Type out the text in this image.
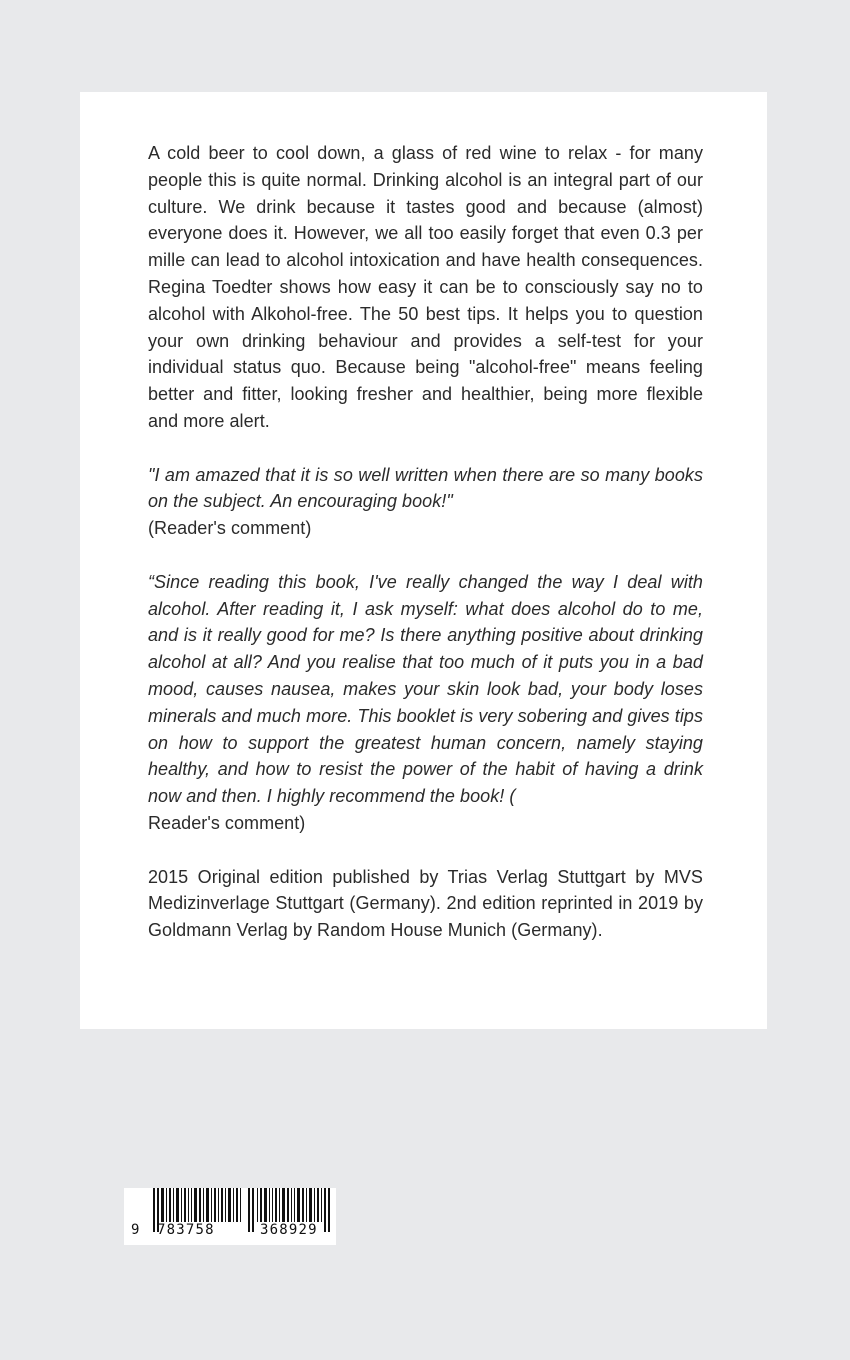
A cold beer to cool down, a glass of red wine to relax - for many people this is quite normal. Drinking alcohol is an integral part of our culture. We drink because it tastes good and because (almost) everyone does it. However, we all too easily forget that even 0.3 per mille can lead to alcohol intoxication and have health consequences. Regina Toedter shows how easy it can be to consciously say no to alcohol with Alkohol-free. The 50 best tips. It helps you to question your own drinking behaviour and provides a self-test for your individual status quo. Because being "alcohol-free" means feeling better and fitter, looking fresher and healthier, being more flexible and more alert.

"I am amazed that it is so well written when there are so many books on the subject. An encouraging book!"
(Reader's comment)

“Since reading this book, I've really changed the way I deal with alcohol. After reading it, I ask myself: what does alcohol do to me, and is it really good for me? Is there anything positive about drinking alcohol at all? And you realise that too much of it puts you in a bad mood, causes nausea, makes your skin look bad, your body loses minerals and much more. This booklet is very sobering and gives tips on how to support the greatest human concern, namely staying healthy, and how to resist the power of the habit of having a drink now and then. I highly recommend the book! (
Reader's comment)

2015 Original edition published by Trias Verlag Stuttgart by MVS Medizinverlage Stuttgart (Germany). 2nd edition reprinted in 2019 by Goldmann Verlag by Random House Munich (Germany).

9 783758	368929
